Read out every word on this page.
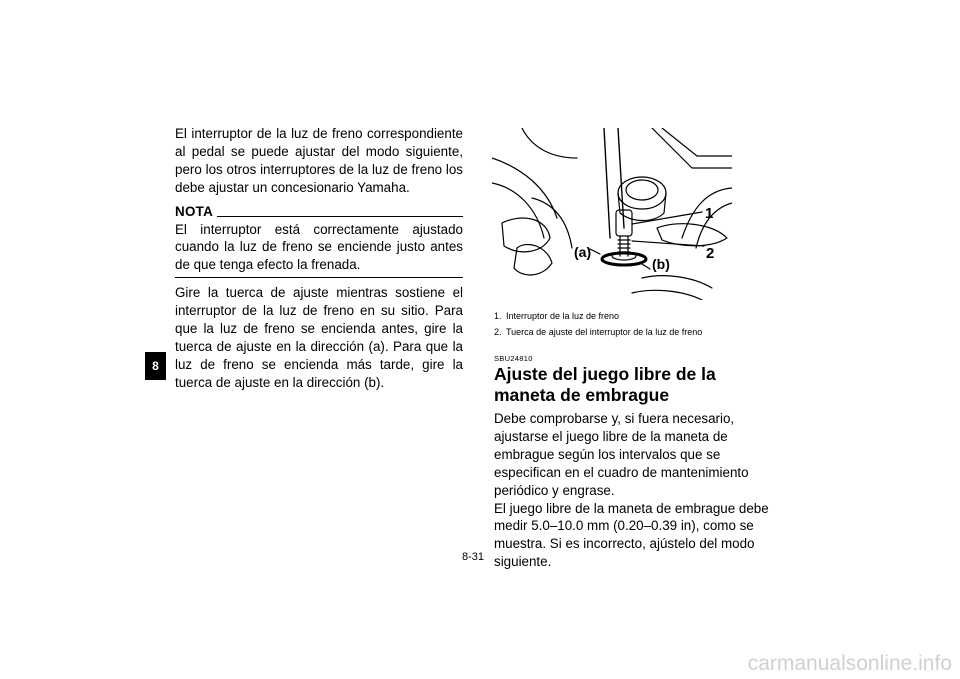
8

El interruptor de la luz de freno correspondiente al pedal se puede ajustar del modo siguiente, pero los otros interruptores de la luz de freno los debe ajustar un concesionario Yamaha.

NOTA

El interruptor está correctamente ajustado cuando la luz de freno se enciende justo antes de que tenga efecto la frenada.

Gire la tuerca de ajuste mientras sostiene el interruptor de la luz de freno en su sitio. Para que la luz de freno se encienda antes, gire la tuerca de ajuste en la dirección (a). Para que la luz de freno se encienda más tarde, gire la tuerca de ajuste en la dirección (b).

1
2
(a)
(b)
1. Interruptor de la luz de freno
2. Tuerca de ajuste del interruptor de la luz de freno
SBU24810
Ajuste del juego libre de la maneta de embrague

Debe comprobarse y, si fuera necesario, ajustarse el juego libre de la maneta de embrague según los intervalos que se especifican en el cuadro de mantenimiento periódico y engrase.

El juego libre de la maneta de embrague debe medir 5.0–10.0 mm (0.20–0.39 in), como se muestra. Si es incorrecto, ajústelo del modo siguiente.

8-31
carmanualsonline.info
